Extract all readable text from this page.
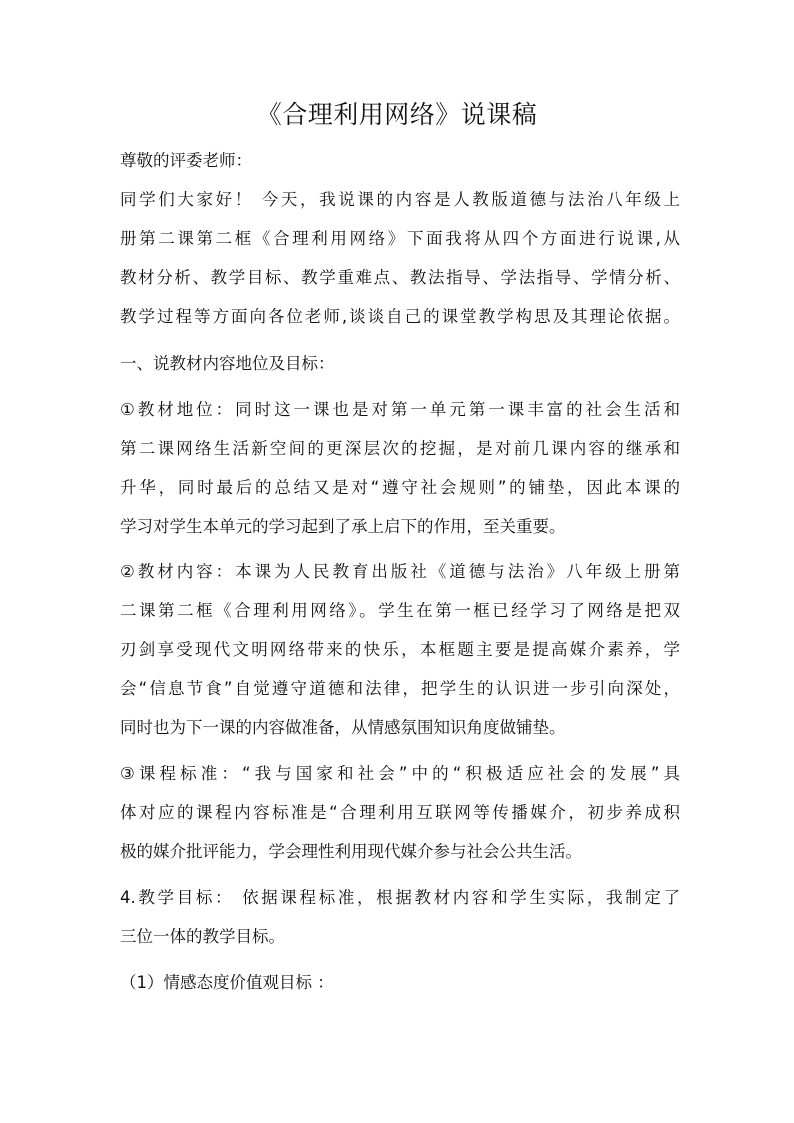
《合理利用网络》说课稿

尊敬的评委老师：

同学们大家好！ 今天，我说课的内容是人教版道德与法治八年级上

册第二课第二框《合理利用网络》下面我将从四个方面进行说课,从

教材分析、教学目标、教学重难点、教法指导、学法指导、学情分析、

教学过程等方面向各位老师,谈谈自己的课堂教学构思及其理论依据。

一、说教材内容地位及目标：

①教材地位：同时这一课也是对第一单元第一课丰富的社会生活和

第二课网络生活新空间的更深层次的挖掘，是对前几课内容的继承和

升华，同时最后的总结又是对“遵守社会规则”的铺垫，因此本课的

学习对学生本单元的学习起到了承上启下的作用，至关重要。

②教材内容：本课为人民教育出版社《道德与法治》八年级上册第

二课第二框《合理利用网络》。学生在第一框已经学习了网络是把双

刃剑享受现代文明网络带来的快乐，本框题主要是提高媒介素养，学

会“信息节食”自觉遵守道德和法律，把学生的认识进一步引向深处，

同时也为下一课的内容做准备，从情感氛围知识角度做铺垫。

③课程标准：“我与国家和社会”中的“积极适应社会的发展”具

体对应的课程内容标准是“合理利用互联网等传播媒介，初步养成积

极的媒介批评能力，学会理性利用现代媒介参与社会公共生活。

4.教学目标： 依据课程标准，根据教材内容和学生实际，我制定了

三位一体的教学目标。

（1）情感态度价值观目标 ：
